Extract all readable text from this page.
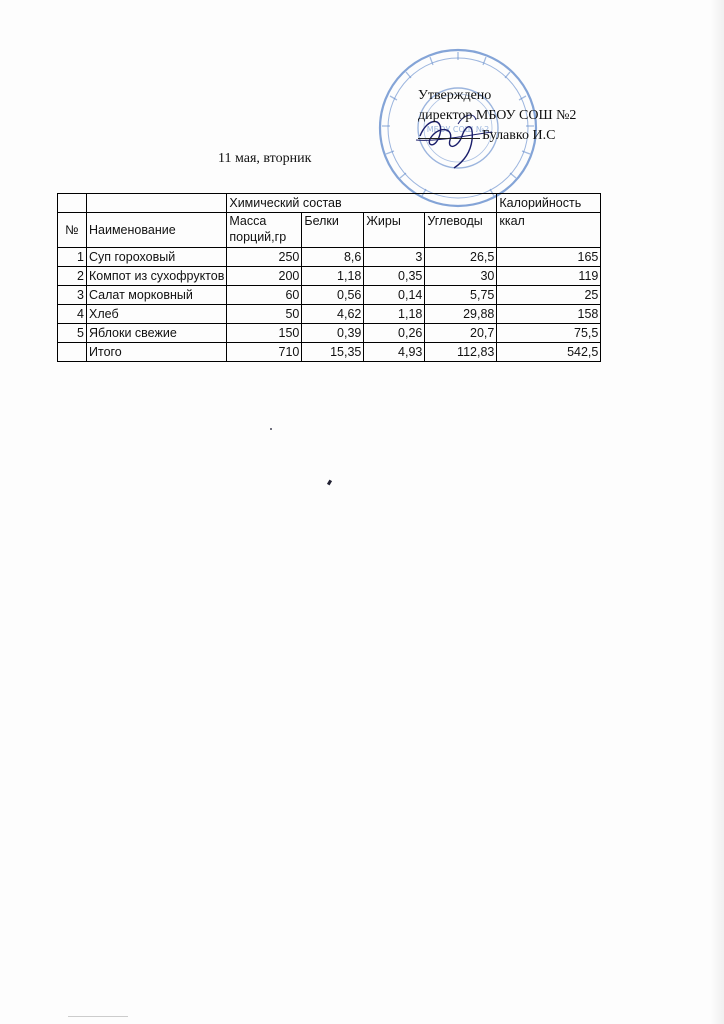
МБОУ СОШ №2
Утверждено
директор МБОУ СОШ №2
Булавко И.С
11 мая, вторник
		Химический состав				Калорийность
№	Наименование	Масса порций,гр	Белки	Жиры	Углеводы	ккал
1	Суп гороховый	250	8,6	3	26,5	165
2	Компот из сухофруктов	200	1,18	0,35	30	119
3	Салат морковный	60	0,56	0,14	5,75	25
4	Хлеб	50	4,62	1,18	29,88	158
5	Яблоки свежие	150	0,39	0,26	20,7	75,5
	Итого	710	15,35	4,93	112,83	542,5
